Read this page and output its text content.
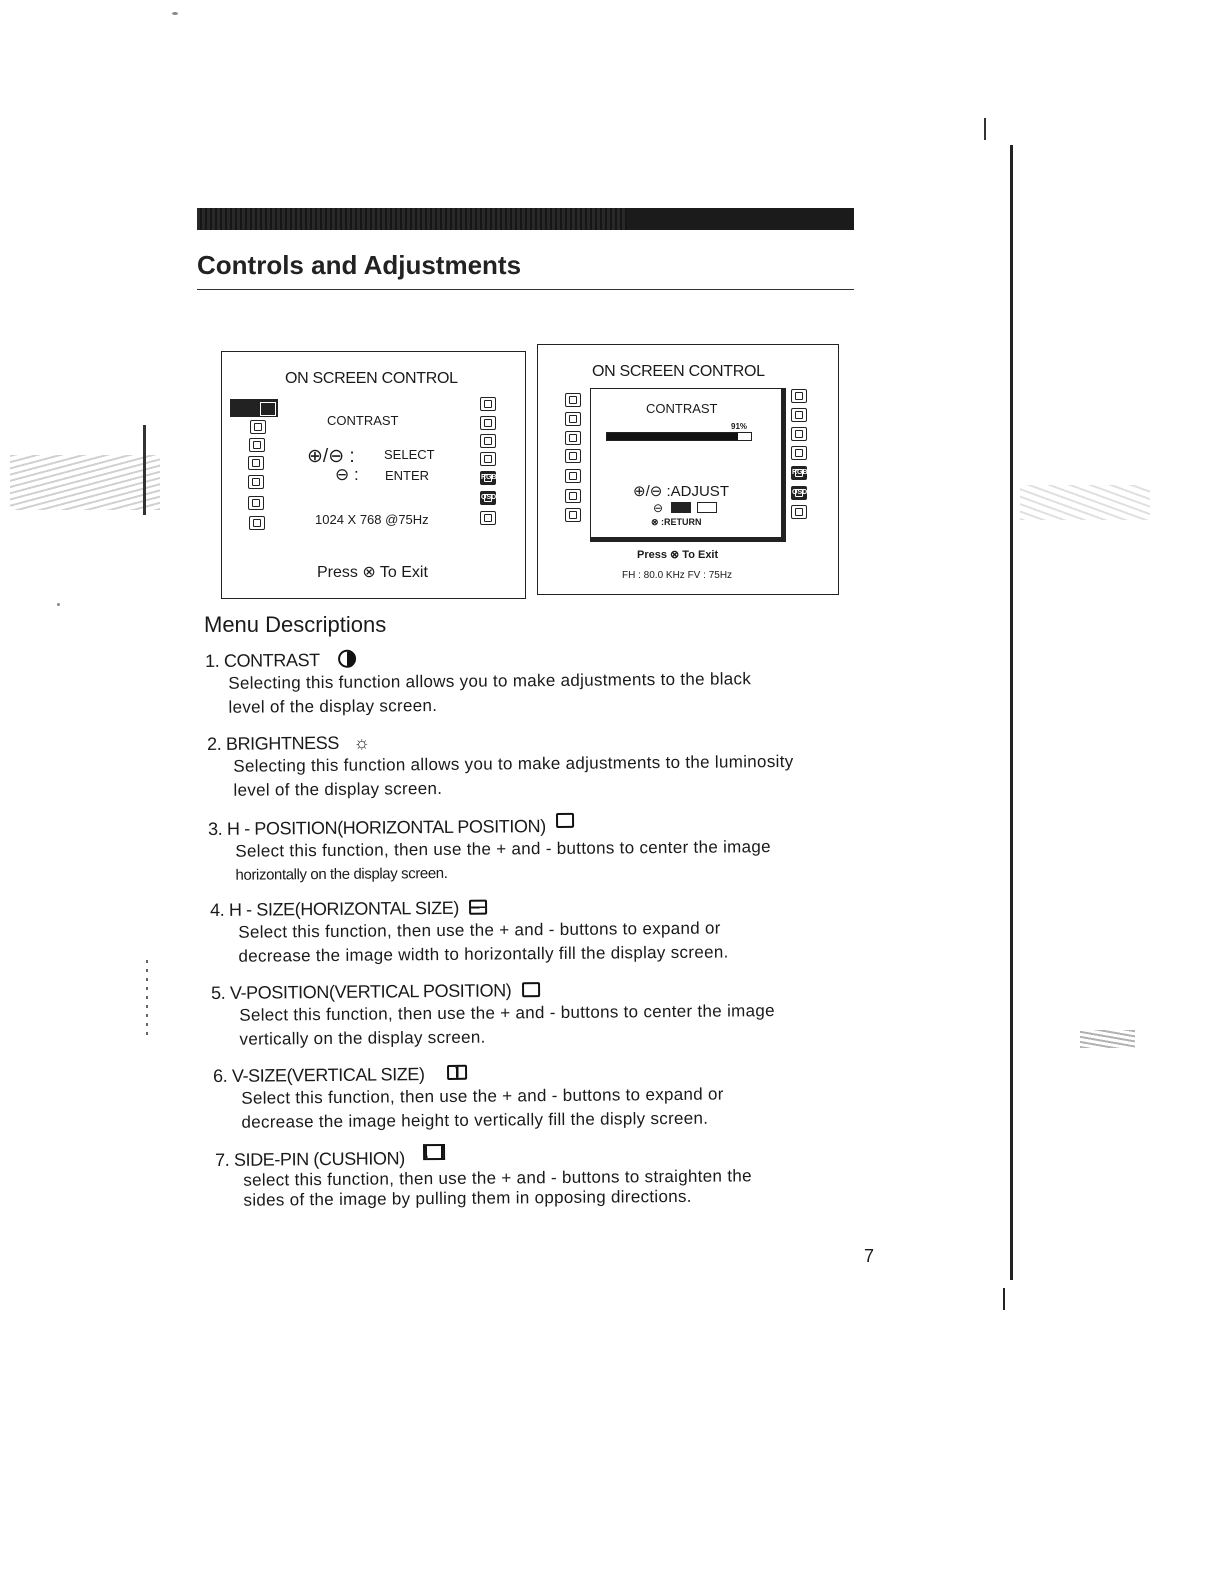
Controls and Adjustments
ON SCREEN CONTROL
CONTRAST
⊕/⊖ : SELECT
⊖ : ENTER
1024 X 768 @75Hz
Press ⊗ To Exit
RGB
OSD
ON SCREEN CONTROL
CONTRAST
91%
⊕/⊖ :ADJUST
⊖
⊗ :RETURN
RGB
OSD
Press ⊗ To Exit
FH : 80.0 KHz FV : 75Hz
Menu Descriptions
1. CONTRAST
Selecting this function allows you to make adjustments to the black
level of the display screen.
2. BRIGHTNESS ☼
Selecting this function allows you to make adjustments to the luminosity
level of the display screen.
3. H - POSITION(HORIZONTAL POSITION)
Select this function, then use the + and - buttons to center the image
horizontally on the display screen.
4. H - SIZE(HORIZONTAL SIZE)
Select this function, then use the + and - buttons to expand or
decrease the image width to horizontally fill the display screen.
5. V-POSITION(VERTICAL POSITION)
Select this function, then use the + and - buttons to center the image
vertically on the display screen.
6. V-SIZE(VERTICAL SIZE)
Select this function, then use the + and - buttons to expand or
decrease the image height to vertically fill the disply screen.
7. SIDE-PIN (CUSHION)
select this function, then use the + and - buttons to straighten the
sides of the image by pulling them in opposing directions.
7
